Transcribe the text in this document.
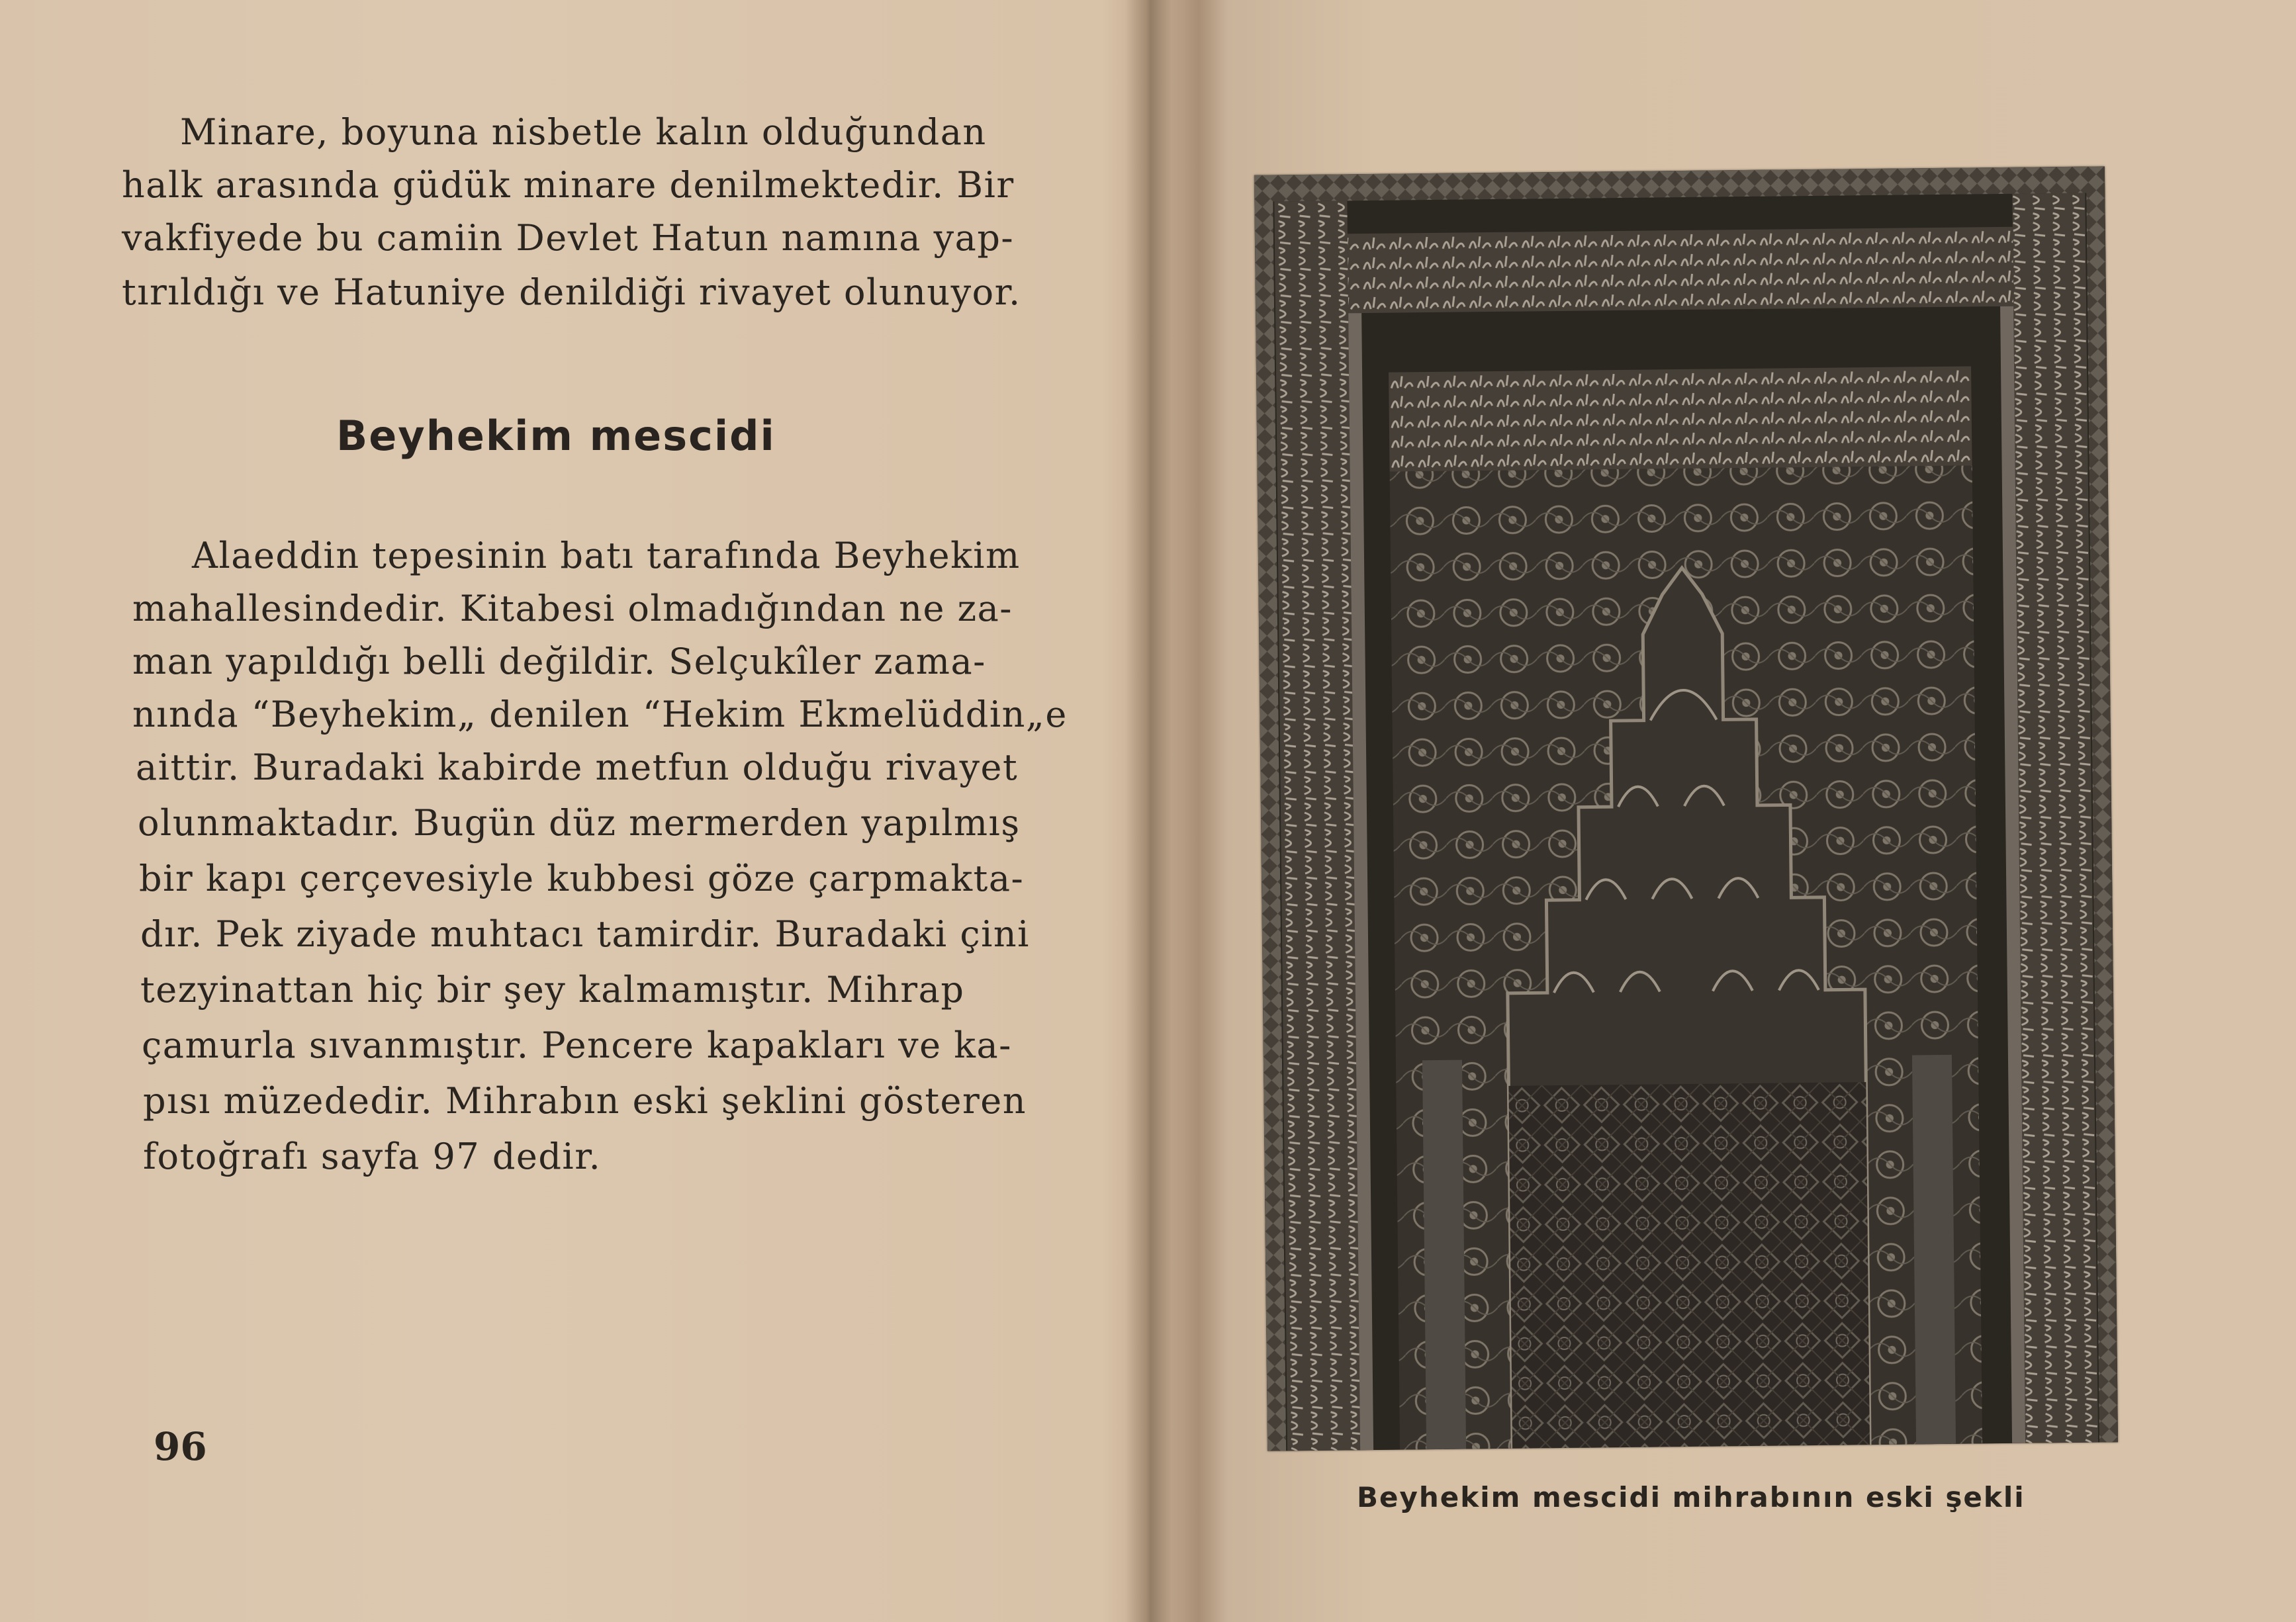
Minare, boyuna nisbetle kalın olduğundan
halk arasında güdük minare denilmektedir. Bir
vakfiyede bu camiin Devlet Hatun namına yap-
tırıldığı ve Hatuniye denildiği rivayet olunuyor.
Beyhekim mescidi
Alaeddin tepesinin batı tarafında Beyhekim
mahallesindedir. Kitabesi olmadığından ne za-
man yapıldığı belli değildir. Selçukîler zama-
nında “Beyhekim„ denilen “Hekim Ekmelüddin„e
aittir. Buradaki kabirde metfun olduğu rivayet
olunmaktadır. Bugün düz mermerden yapılmış
bir kapı çerçevesiyle kubbesi göze çarpmakta-
dır. Pek ziyade muhtacı tamirdir. Buradaki çini
tezyinattan hiç bir şey kalmamıştır. Mihrap
çamurla sıvanmıştır. Pencere kapakları ve ka-
pısı müzededir. Mihrabın eski şeklini gösteren
fotoğrafı sayfa 97 dedir.
96
Beyhekim mescidi mihrabının eski şekli
